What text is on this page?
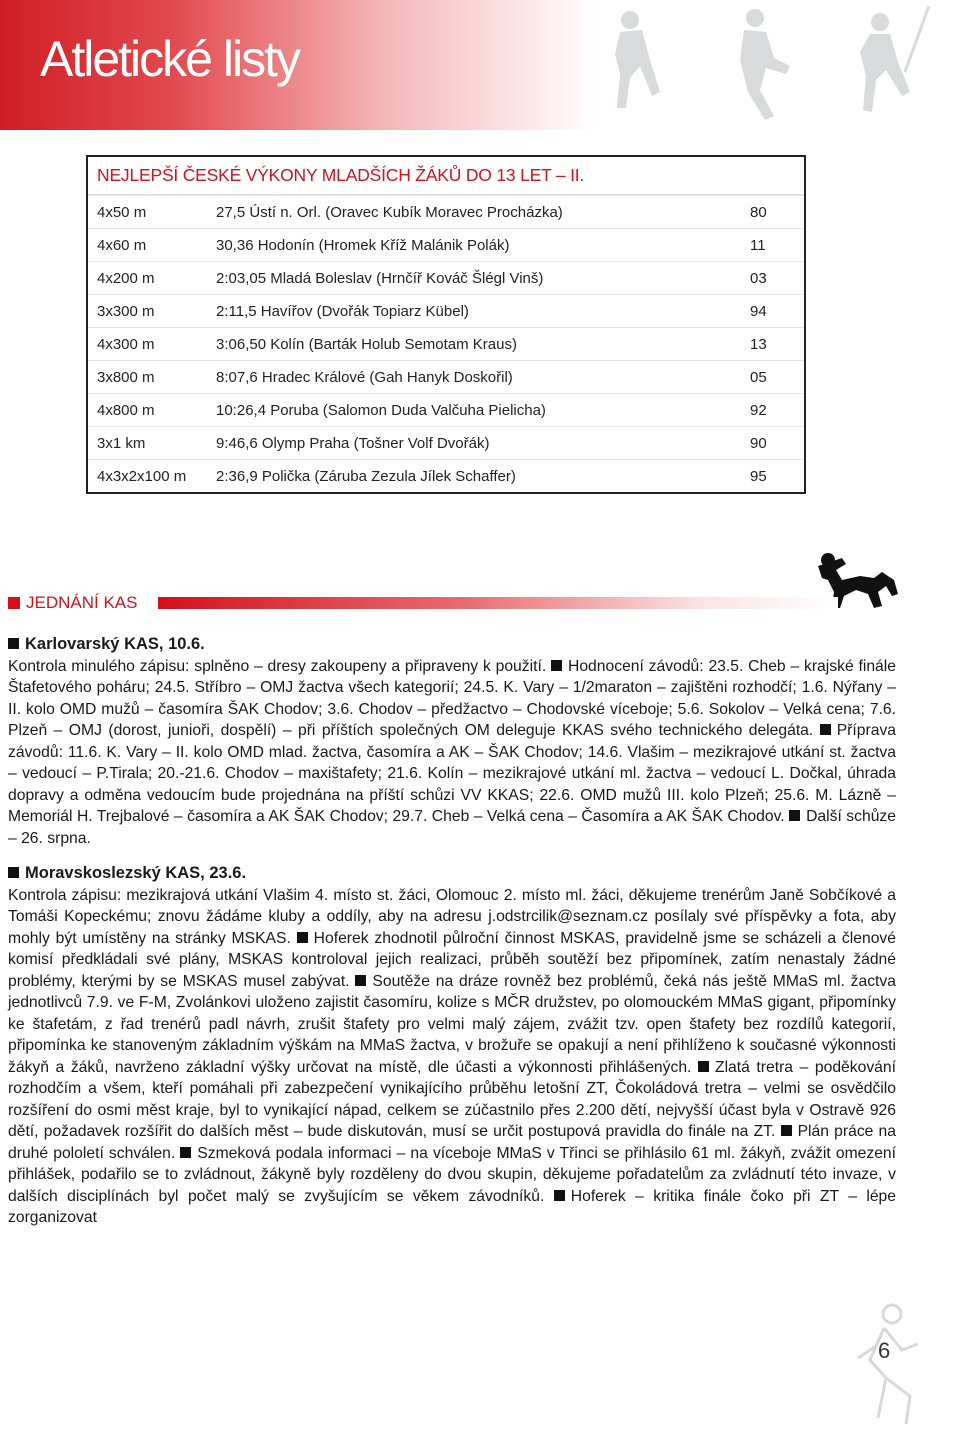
Atletické listy
NEJLEPŠÍ ČESKÉ VÝKONY MLADŠÍCH ŽÁKŮ DO 13 LET – II.
4x50 m	27,5 Ústí n. Orl. (Oravec Kubík Moravec Procházka)	80
4x60 m	30,36 Hodonín (Hromek Kříž Malánik Polák)	11
4x200 m	2:03,05 Mladá Boleslav (Hrnčíř Kováč Šlégl Vinš)	03
3x300 m	2:11,5 Havířov (Dvořák Topiarz Kübel)	94
4x300 m	3:06,50 Kolín (Barták Holub Semotam Kraus)	13
3x800 m	8:07,6 Hradec Králové (Gah Hanyk Doskořil)	05
4x800 m	10:26,4 Poruba (Salomon Duda Valčuha Pielicha)	92
3x1 km	9:46,6 Olymp Praha (Tošner Volf Dvořák)	90
4x3x2x100 m	2:36,9 Polička (Záruba Zezula Jílek Schaffer)	95
JEDNÁNÍ KAS
Karlovarský KAS, 10.6.

Kontrola minulého zápisu: splněno – dresy zakoupeny a připraveny k použití. Hodnocení závodů: 23.5. Cheb – krajské finále Štafetového poháru; 24.5. Stříbro – OMJ žactva všech kategorií; 24.5. K. Vary – 1/2maraton – zajištěni rozhodčí; 1.6. Nýřany – II. kolo OMD mužů – časomíra ŠAK Chodov; 3.6. Chodov – předžactvo – Chodovské víceboje; 5.6. Sokolov – Velká cena; 7.6. Plzeň – OMJ (dorost, junioři, dospělí) – při příštích společných OM deleguje KKAS svého technického delegáta. Příprava závodů: 11.6. K. Vary – II. kolo OMD mlad. žactva, časomíra a AK – ŠAK Chodov; 14.6. Vlašim – mezikrajové utkání st. žactva – vedoucí – P.Tirala; 20.-21.6. Chodov – maxištafety; 21.6. Kolín – mezikrajové utkání ml. žactva – vedoucí L. Dočkal, úhrada dopravy a odměna vedoucím bude projednána na příští schůzi VV KKAS; 22.6. OMD mužů III. kolo Plzeň; 25.6. M. Lázně – Memoriál H. Trejbalové – časomíra a AK ŠAK Chodov; 29.7. Cheb – Velká cena – Časomíra a AK ŠAK Chodov. Další schůze – 26. srpna.

Moravskoslezský KAS, 23.6.

Kontrola zápisu: mezikrajová utkání Vlašim 4. místo st. žáci, Olomouc 2. místo ml. žáci, děkujeme trenérům Janě Sobčíkové a Tomáši Kopeckému; znovu žádáme kluby a oddíly, aby na adresu j.odstrcilik@seznam.cz posílaly své příspěvky a fota, aby mohly být umístěny na stránky MSKAS. Hoferek zhodnotil půlroční činnost MSKAS, pravidelně jsme se scházeli a členové komisí předkládali své plány, MSKAS kontroloval jejich realizaci, průběh soutěží bez připomínek, zatím nenastaly žádné problémy, kterými by se MSKAS musel zabývat. Soutěže na dráze rovněž bez problémů, čeká nás ještě MMaS ml. žactva jednotlivců 7.9. ve F-M, Zvolánkovi uloženo zajistit časomíru, kolize s MČR družstev, po olomouckém MMaS gigant, připomínky ke štafetám, z řad trenérů padl návrh, zrušit štafety pro velmi malý zájem, zvážit tzv. open štafety bez rozdílů kategorií, připomínka ke stanoveným základním výškám na MMaS žactva, v brožuře se opakují a není přihlíženo k současné výkonnosti žákyň a žáků, navrženo základní výšky určovat na místě, dle účasti a výkonnosti přihlášených. Zlatá tretra – poděkování rozhodčím a všem, kteří pomáhali při zabezpečení vynikajícího průběhu letošní ZT, Čokoládová tretra – velmi se osvědčilo rozšíření do osmi měst kraje, byl to vynikající nápad, celkem se zúčastnilo přes 2.200 dětí, nejvyšší účast byla v Ostravě 926 dětí, požadavek rozšířit do dalších měst – bude diskutován, musí se určit postupová pravidla do finále na ZT. Plán práce na druhé pololetí schválen. Szmeková podala informaci – na víceboje MMaS v Třinci se přihlásilo 61 ml. žákyň, zvážit omezení přihlášek, podařilo se to zvládnout, žákyně byly rozděleny do dvou skupin, děkujeme pořadatelům za zvládnutí této invaze, v dalších disciplínách byl počet malý se zvyšujícím se věkem závodníků. Hoferek – kritika finále čoko při ZT – lépe zorganizovat

6
